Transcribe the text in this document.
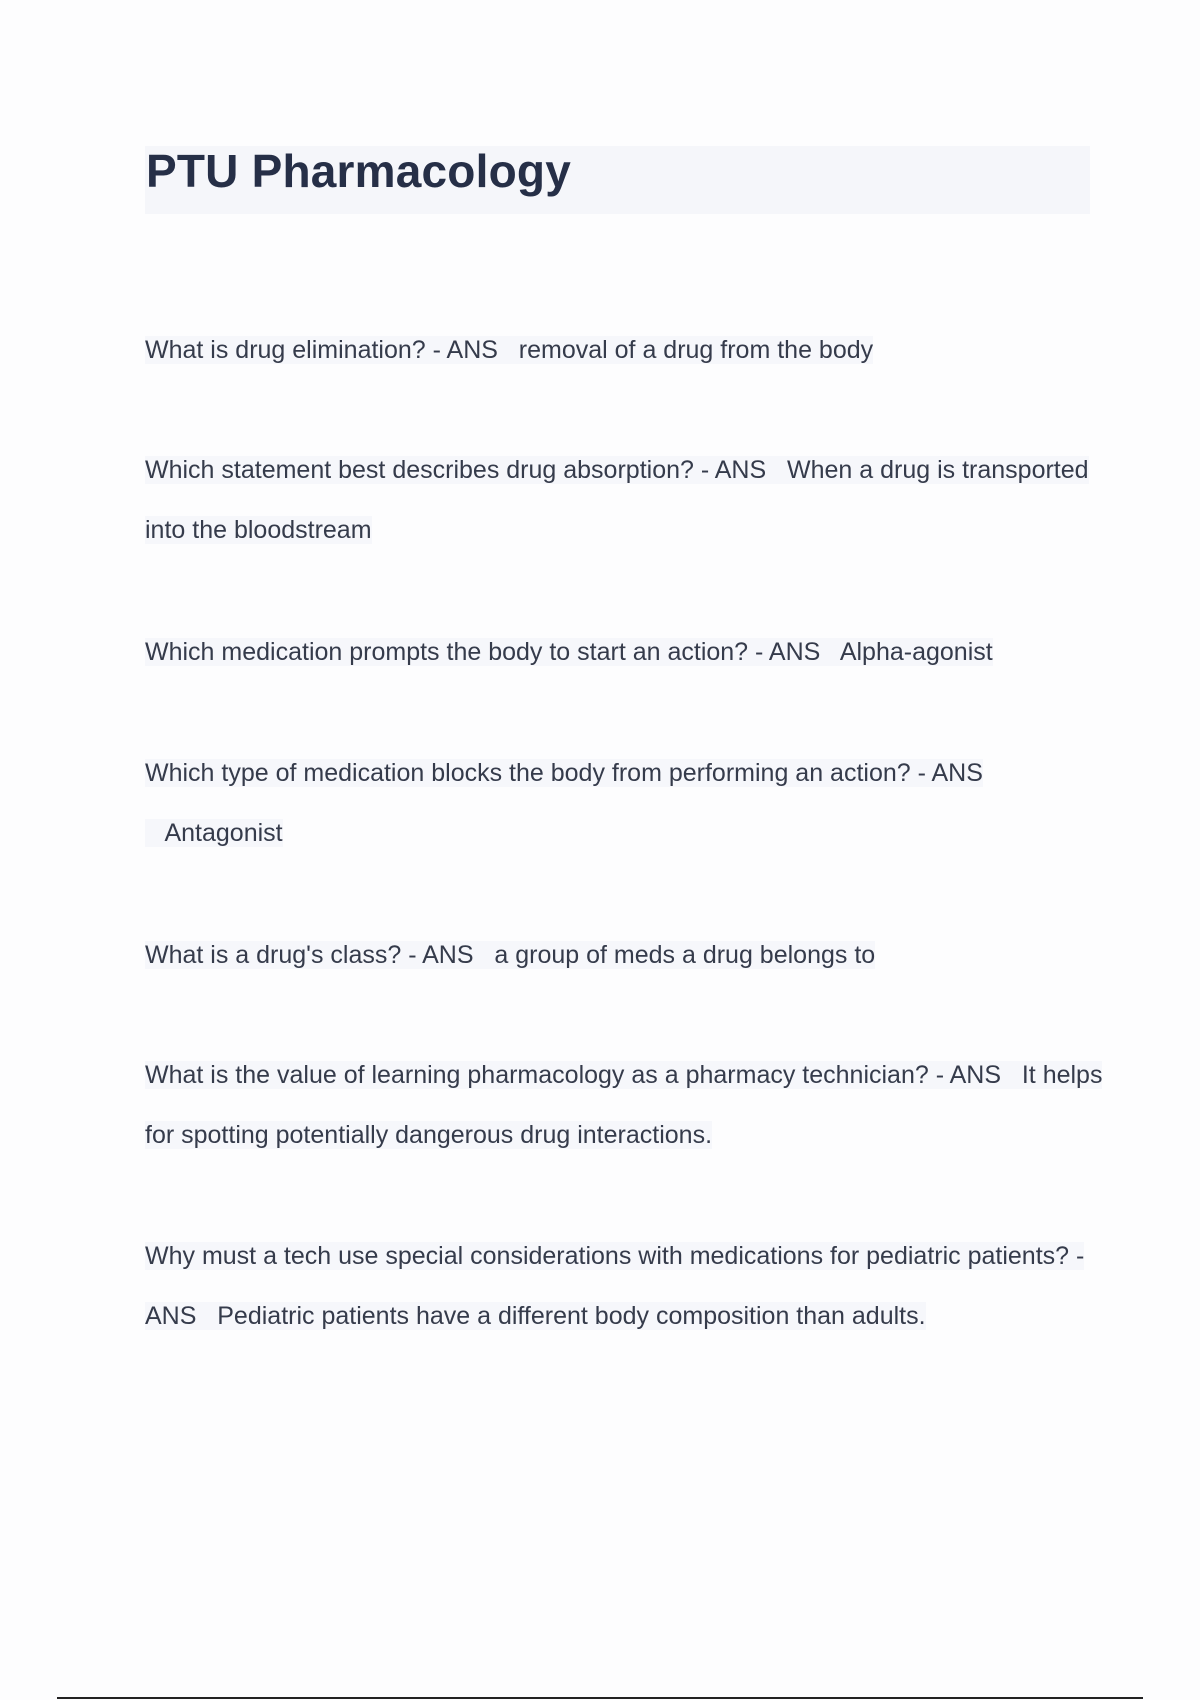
PTU Pharmacology

What is drug elimination? - ANS removal of a drug from the body

Which statement best describes drug absorption? - ANS When a drug is transported into the bloodstream

Which medication prompts the body to start an action? - ANS Alpha-agonist

Which type of medication blocks the body from performing an action? - ANS   Antagonist

What is a drug's class? - ANS a group of meds a drug belongs to

What is the value of learning pharmacology as a pharmacy technician? - ANS It helps for spotting potentially dangerous drug interactions.

Why must a tech use special considerations with medications for pediatric patients? - ANS Pediatric patients have a different body composition than adults.
